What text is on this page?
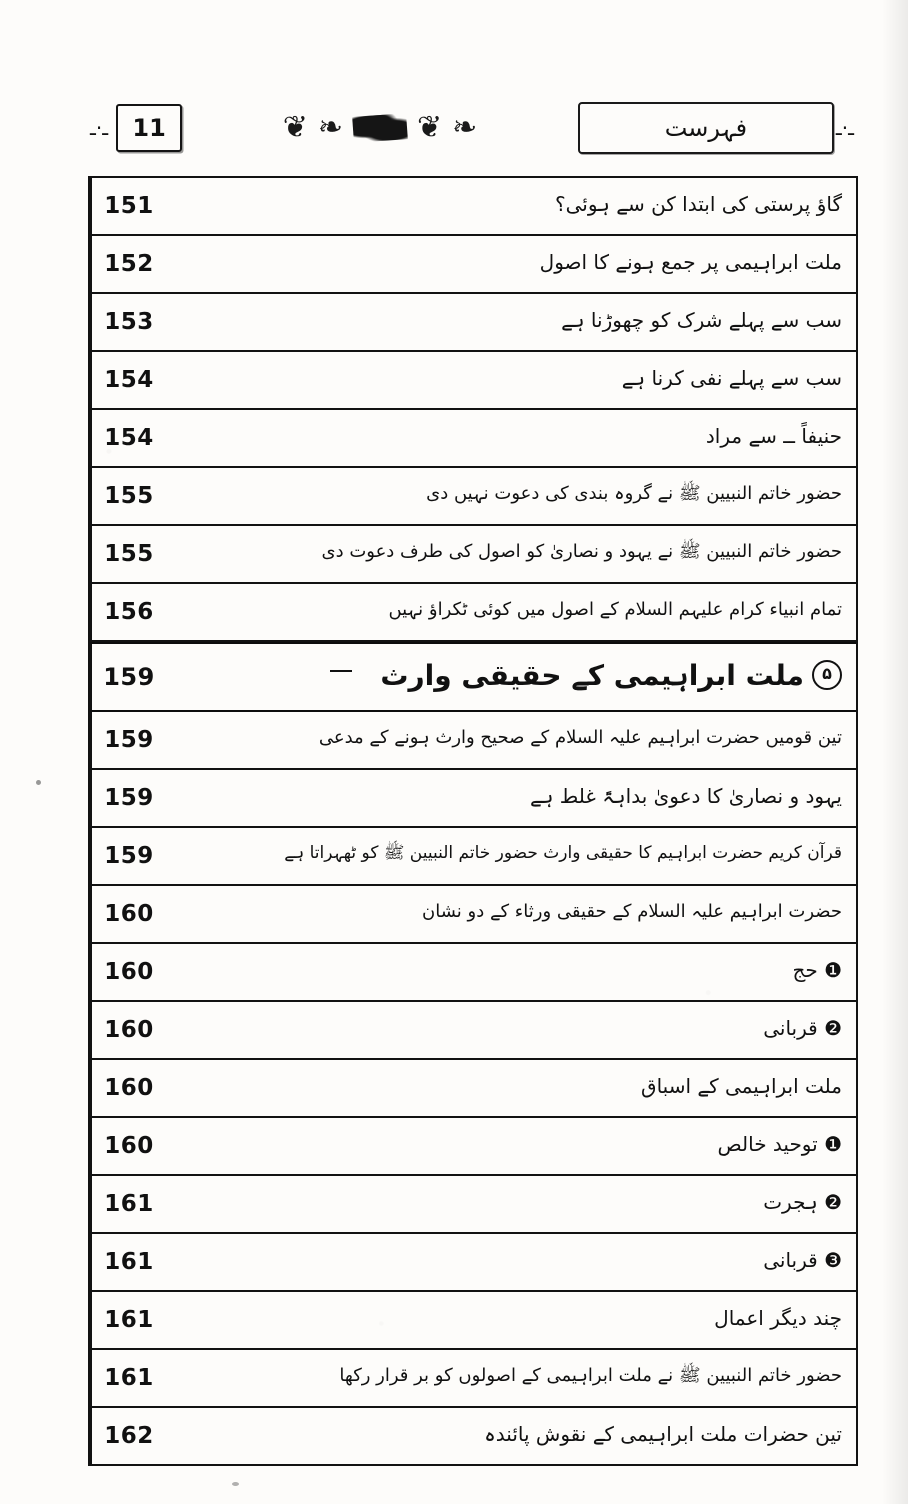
ـ·ـ
فہرست
❧
❦
❧
❦
11
ـ·ـ
گاؤ پرستی کی ابتدا کن سے ہوئی؟
151
ملت ابراہیمی پر جمع ہونے کا اصول
152
سب سے پہلے شرک کو چھوڑنا ہے
153
سب سے پہلے نفی کرنا ہے
154
حنیفاً ــ سے مراد
154
حضور خاتم النبیین ﷺ نے گروہ بندی کی دعوت نہیں دی
155
حضور خاتم النبیین ﷺ نے یہود و نصاریٰ کو اصول کی طرف دعوت دی
155
تمام انبیاء کرام علیہم السلام کے اصول میں کوئی ٹکراؤ نہیں
156
۵
ملت ابراہیمی کے حقیقی وارث
159
تین قومیں حضرت ابراہیم علیہ السلام کے صحیح وارث ہونے کے مدعی
159
یہود و نصاریٰ کا دعویٰ بداہۃً غلط ہے
159
قرآن کریم حضرت ابراہیم کا حقیقی وارث حضور خاتم النبیین ﷺ کو ٹھہراتا ہے
159
حضرت ابراہیم علیہ السلام کے حقیقی ورثاء کے دو نشان
160
❶ حج
160
❷ قربانی
160
ملت ابراہیمی کے اسباق
160
❶ توحید خالص
160
❷ ہجرت
161
❸ قربانی
161
چند دیگر اعمال
161
حضور خاتم النبیین ﷺ نے ملت ابراہیمی کے اصولوں کو بر قرار رکھا
161
تین حضرات ملت ابراہیمی کے نقوش پائندہ
162
